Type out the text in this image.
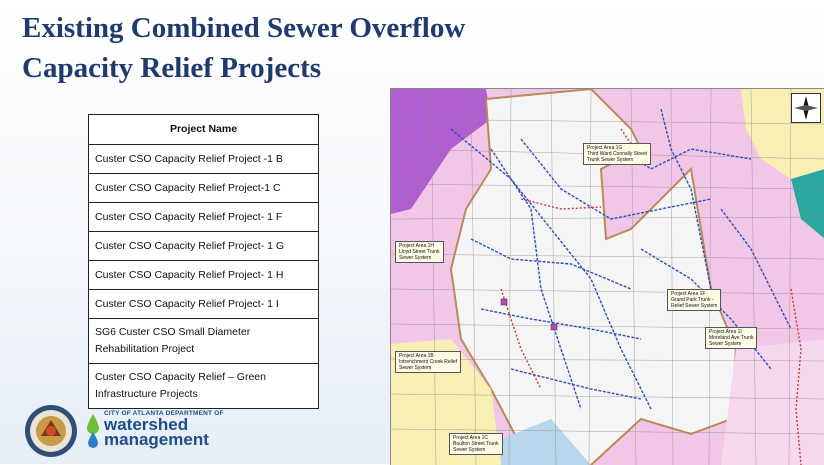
Existing Combined Sewer Overflow
Capacity Relief Projects
Project Name
Custer CSO Capacity Relief Project -1 B
Custer CSO Capacity Relief Project-1 C
Custer CSO Capacity Relief Project- 1 F
Custer CSO Capacity Relief Project- 1 G
Custer CSO Capacity Relief Project- 1 H
Custer CSO Capacity Relief Project- 1 I
SG6 Custer CSO Small Diameter Rehabilitation Project
Custer CSO Capacity Relief – Green Infrastructure Projects
CITY OF ATLANTA DEPARTMENT OF
watershed
management
Project Area 1G
Third Ward Connally Street
Trunk Sewer System
Project Area 1H
Lloyd Street Trunk
Sewer System
Project Area 1F
Grand Park Trunk -
Relief Sewer System
Project Area 1I
Moreland Ave Trunk
Sewer System
Project Area 1B
Intrenchment Creek Relief
Sewer System
Project Area 1C
Boulton Street Trunk
Sewer System
